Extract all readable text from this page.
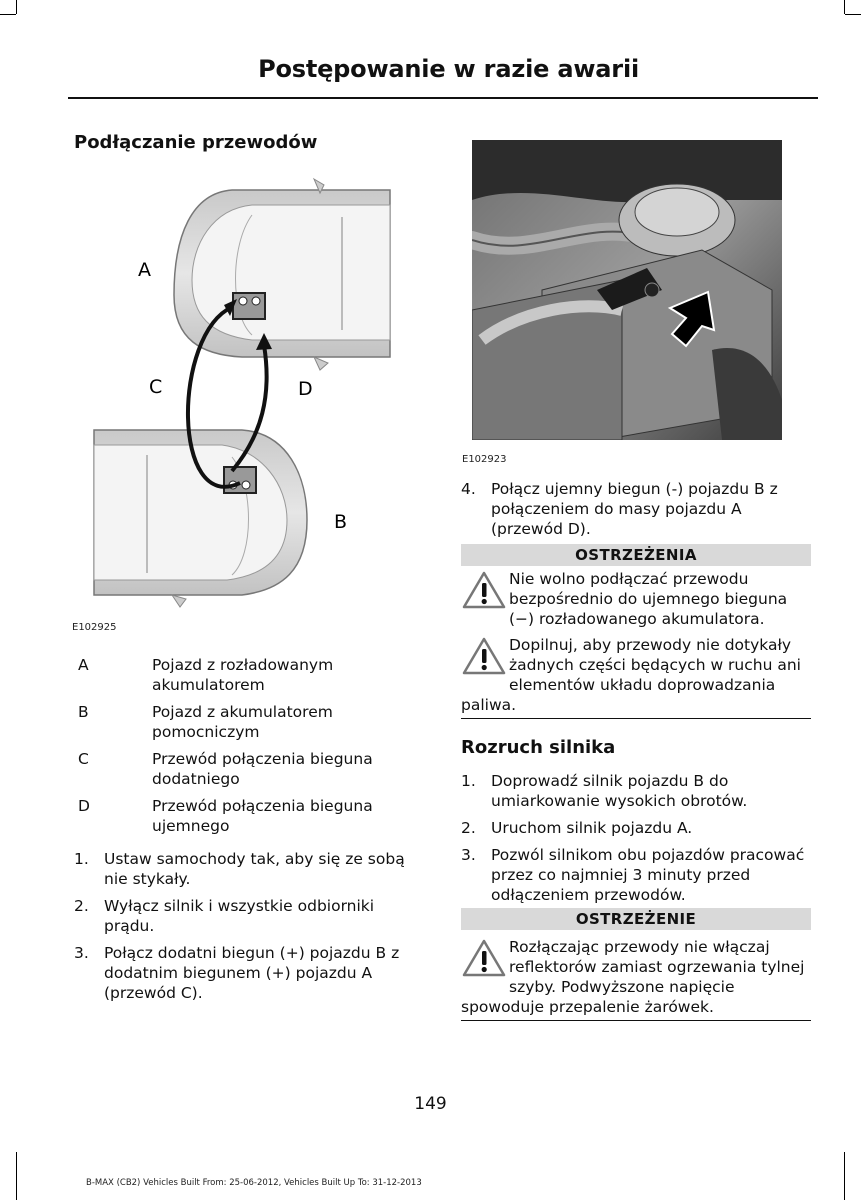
Postępowanie w razie awarii
Podłączanie przewodów
A
C	D
B
E102925
A	Pojazd z rozładowanym akumulatorem
B	Pojazd z akumulatorem pomocniczym
C	Przewód połączenia bieguna dodatniego
D	Przewód połączenia bieguna ujemnego
1. Ustaw samochody tak, aby się ze sobą nie stykały.
2. Wyłącz silnik i wszystkie odbiorniki prądu.
3. Połącz dodatni biegun (+) pojazdu B z dodatnim biegunem (+) pojazdu A (przewód C).
E102923
4. Połącz ujemny biegun (-) pojazdu B z połączeniem do masy pojazdu A (przewód D).
OSTRZEŻENIA
Nie wolno podłączać przewodu bezpośrednio do ujemnego bieguna (−) rozładowanego akumulatora.
Dopilnuj, aby przewody nie dotykały żadnych części będących w ruchu ani elementów układu doprowadzania paliwa.
Rozruch silnika
1. Doprowadź silnik pojazdu B do umiarkowanie wysokich obrotów.
2. Uruchom silnik pojazdu A.
3. Pozwól silnikom obu pojazdów pracować przez co najmniej 3 minuty przed odłączeniem przewodów.
OSTRZEŻENIE
Rozłączając przewody nie włączaj reflektorów zamiast ogrzewania tylnej szyby. Podwyższone napięcie spowoduje przepalenie żarówek.
149
B-MAX (CB2) Vehicles Built From: 25-06-2012, Vehicles Built Up To: 31-12-2013
